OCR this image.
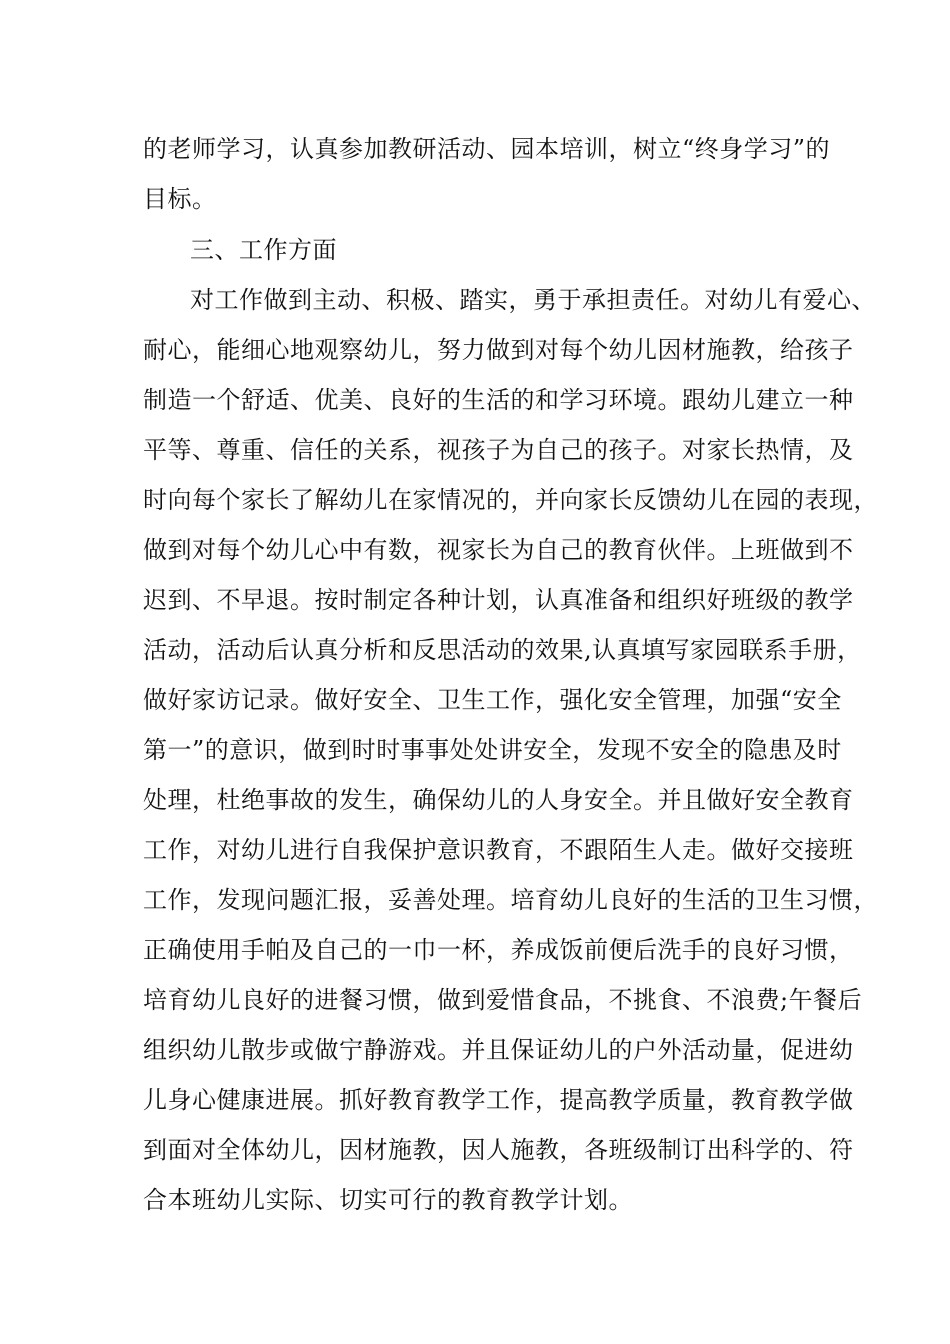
的老师学习，认真参加教研活动、园本培训，树立“终身学习”的
目标。
三、工作方面
对工作做到主动、积极、踏实，勇于承担责任。对幼儿有爱心、
耐心，能细心地观察幼儿，努力做到对每个幼儿因材施教，给孩子
制造一个舒适、优美、良好的生活的和学习环境。跟幼儿建立一种
平等、尊重、信任的关系，视孩子为自己的孩子。对家长热情，及
时向每个家长了解幼儿在家情况的，并向家长反馈幼儿在园的表现，
做到对每个幼儿心中有数，视家长为自己的教育伙伴。上班做到不
迟到、不早退。按时制定各种计划，认真准备和组织好班级的教学
活动，活动后认真分析和反思活动的效果,认真填写家园联系手册，
做好家访记录。做好安全、卫生工作，强化安全管理，加强“安全
第一”的意识，做到时时事事处处讲安全，发现不安全的隐患及时
处理，杜绝事故的发生，确保幼儿的人身安全。并且做好安全教育
工作，对幼儿进行自我保护意识教育，不跟陌生人走。做好交接班
工作，发现问题汇报，妥善处理。培育幼儿良好的生活的卫生习惯，
正确使用手帕及自己的一巾一杯，养成饭前便后洗手的良好习惯，
培育幼儿良好的进餐习惯，做到爱惜食品，不挑食、不浪费;午餐后
组织幼儿散步或做宁静游戏。并且保证幼儿的户外活动量，促进幼
儿身心健康进展。抓好教育教学工作，提高教学质量，教育教学做
到面对全体幼儿，因材施教，因人施教，各班级制订出科学的、符
合本班幼儿实际、切实可行的教育教学计划。
